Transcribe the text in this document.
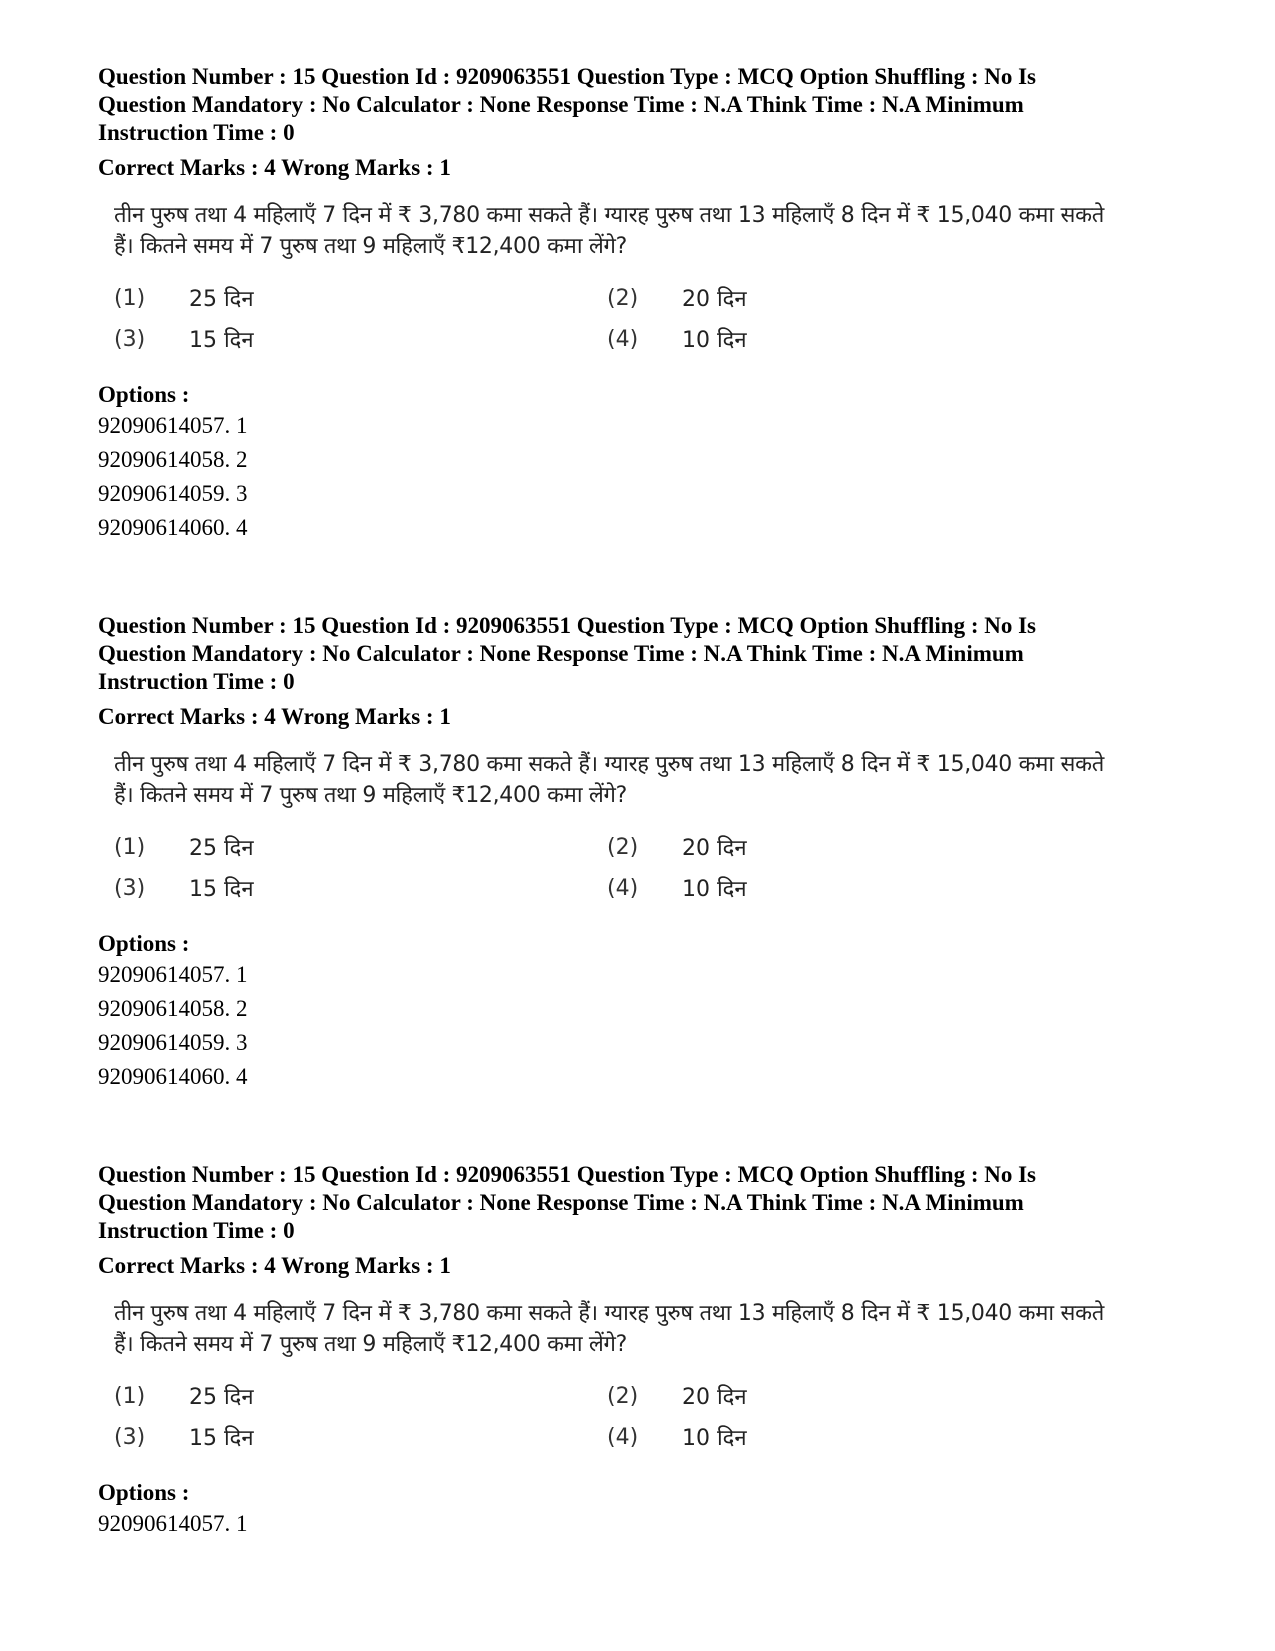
Question Number : 15 Question Id : 9209063551 Question Type : MCQ Option Shuffling : No Is
Question Mandatory : No Calculator : None Response Time : N.A Think Time : N.A Minimum
Instruction Time : 0
Correct Marks : 4 Wrong Marks : 1
तीन पुरुष तथा 4 महिलाएँ 7 दिन में ₹ 3,780 कमा सकते हैं। ग्यारह पुरुष तथा 13 महिलाएँ 8 दिन में ₹ 15,040 कमा सकते हैं। कितने समय में 7 पुरुष तथा 9 महिलाएँ ₹12,400 कमा लेंगे?
(1)	25 दिन	(2)	20 दिन
(3)	15 दिन	(4)	10 दिन
Options :
92090614057. 1
92090614058. 2
92090614059. 3
92090614060. 4
Question Number : 15 Question Id : 9209063551 Question Type : MCQ Option Shuffling : No Is
Question Mandatory : No Calculator : None Response Time : N.A Think Time : N.A Minimum
Instruction Time : 0
Correct Marks : 4 Wrong Marks : 1
तीन पुरुष तथा 4 महिलाएँ 7 दिन में ₹ 3,780 कमा सकते हैं। ग्यारह पुरुष तथा 13 महिलाएँ 8 दिन में ₹ 15,040 कमा सकते हैं। कितने समय में 7 पुरुष तथा 9 महिलाएँ ₹12,400 कमा लेंगे?
(1)	25 दिन	(2)	20 दिन
(3)	15 दिन	(4)	10 दिन
Options :
92090614057. 1
92090614058. 2
92090614059. 3
92090614060. 4
Question Number : 15 Question Id : 9209063551 Question Type : MCQ Option Shuffling : No Is
Question Mandatory : No Calculator : None Response Time : N.A Think Time : N.A Minimum
Instruction Time : 0
Correct Marks : 4 Wrong Marks : 1
तीन पुरुष तथा 4 महिलाएँ 7 दिन में ₹ 3,780 कमा सकते हैं। ग्यारह पुरुष तथा 13 महिलाएँ 8 दिन में ₹ 15,040 कमा सकते हैं। कितने समय में 7 पुरुष तथा 9 महिलाएँ ₹12,400 कमा लेंगे?
(1)	25 दिन	(2)	20 दिन
(3)	15 दिन	(4)	10 दिन
Options :
92090614057. 1
